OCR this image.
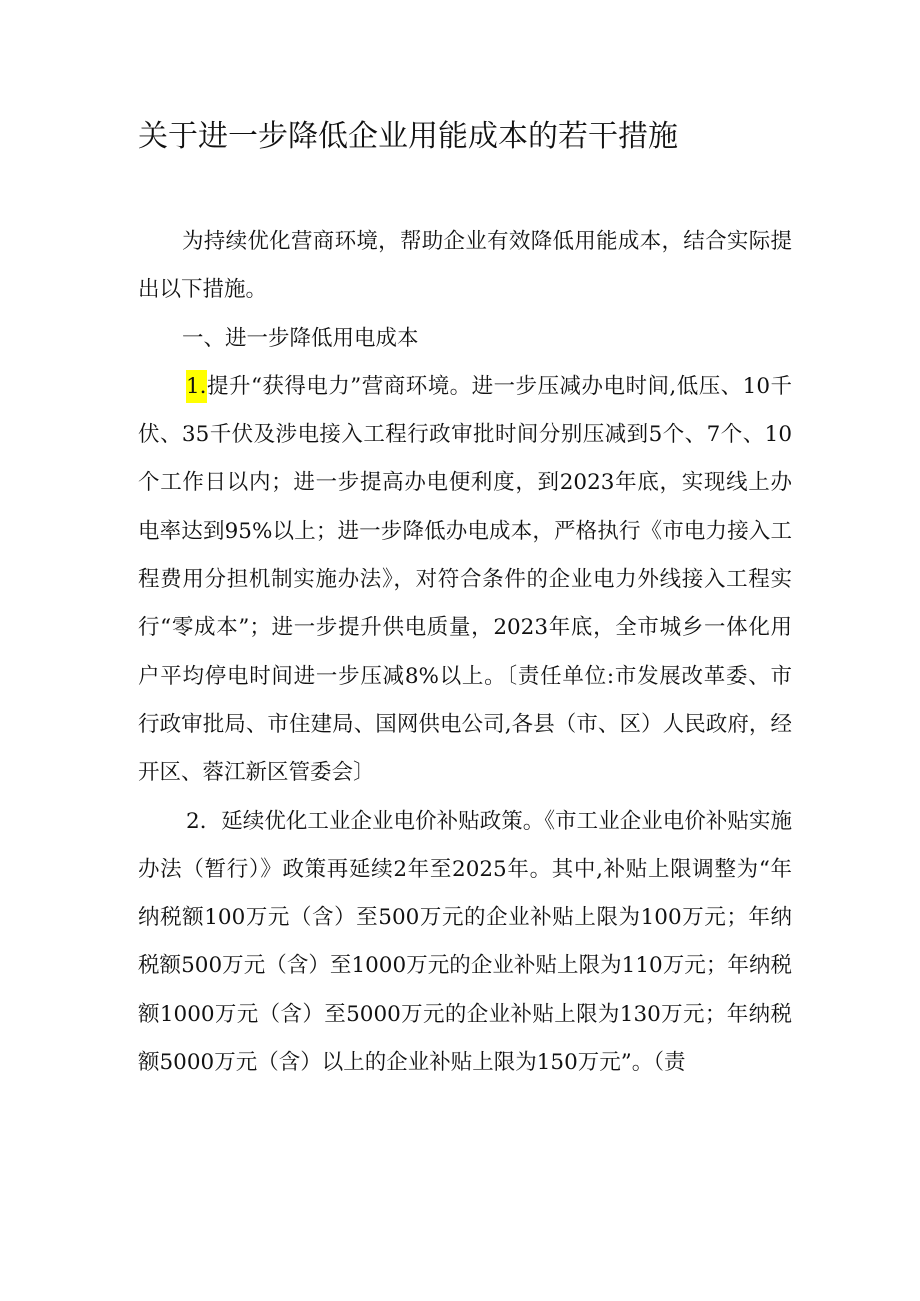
关于进一步降低企业用能成本的若干措施

为持续优化营商环境，帮助企业有效降低用能成本，结合实际提出以下措施。

一、进一步降低用电成本

1.提升“获得电力”营商环境。进一步压减办电时间,低压、10千伏、35千伏及涉电接入工程行政审批时间分别压减到5个、7个、10个工作日以内；进一步提高办电便利度，到2023年底，实现线上办电率达到95%以上；进一步降低办电成本，严格执行《市电力接入工程费用分担机制实施办法》，对符合条件的企业电力外线接入工程实行“零成本”；进一步提升供电质量，2023年底，全市城乡一体化用户平均停电时间进一步压减8%以上。〔责任单位:市发展改革委、市行政审批局、市住建局、国网供电公司,各县（市、区）人民政府，经开区、蓉江新区管委会〕

2．延续优化工业企业电价补贴政策。《市工业企业电价补贴实施办法（暂行）》政策再延续2年至2025年。其中,补贴上限调整为“年纳税额100万元（含）至500万元的企业补贴上限为100万元；年纳税额500万元（含）至1000万元的企业补贴上限为110万元；年纳税额1000万元（含）至5000万元的企业补贴上限为130万元；年纳税额5000万元（含）以上的企业补贴上限为150万元”。（责
